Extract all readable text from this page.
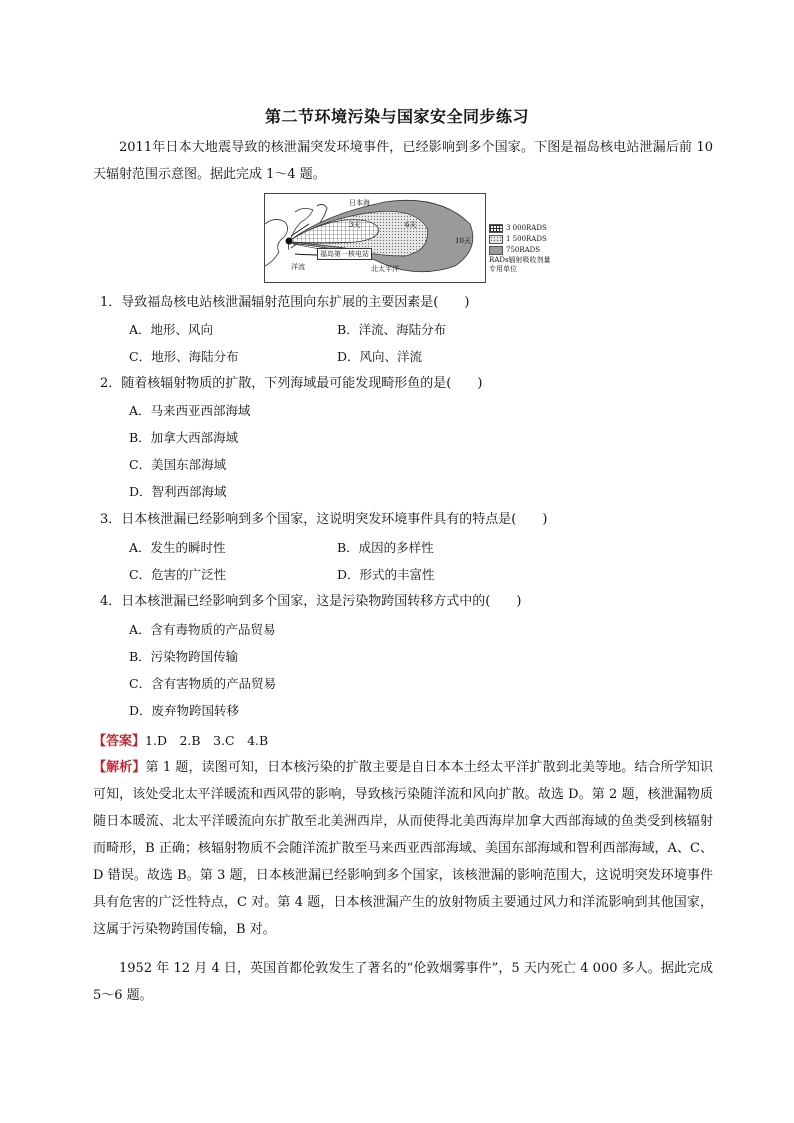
第二节环境污染与国家安全同步练习
2011年日本大地震导致的核泄漏突发环境事件，已经影响到多个国家。下图是福岛核电站泄漏后前 10 天辐射范围示意图。据此完成 1～4 题。
日本海
3天	6天
10天
福岛第一核电站
洋流	北太平洋
3 000RADS
1 500RADS
750RADS
RADs辐射吸收剂量
专用单位
1．导致福岛核电站核泄漏辐射范围向东扩展的主要因素是(　　)
A．地形、风向	B．洋流、海陆分布
C．地形、海陆分布	D．风向、洋流
2．随着核辐射物质的扩散，下列海域最可能发现畸形鱼的是(　　)
A．马来西亚西部海域
B．加拿大西部海域
C．美国东部海域
D．智利西部海域
3．日本核泄漏已经影响到多个国家，这说明突发环境事件具有的特点是(　　)
A．发生的瞬时性	B．成因的多样性
C．危害的广泛性	D．形式的丰富性
4．日本核泄漏已经影响到多个国家，这是污染物跨国转移方式中的(　　)
A．含有毒物质的产品贸易
B．污染物跨国传输
C．含有害物质的产品贸易
D．废弃物跨国转移
【答案】1.D　2.B　3.C　4.B
【解析】第 1 题，读图可知，日本核污染的扩散主要是自日本本土经太平洋扩散到北美等地。结合所学知识可知，该处受北太平洋暖流和西风带的影响，导致核污染随洋流和风向扩散。故选 D。第 2 题，核泄漏物质随日本暖流、北太平洋暖流向东扩散至北美洲西岸，从而使得北美西海岸加拿大西部海域的鱼类受到核辐射而畸形，B 正确；核辐射物质不会随洋流扩散至马来西亚西部海域、美国东部海域和智利西部海域，A、C、D 错误。故选 B。第 3 题，日本核泄漏已经影响到多个国家，该核泄漏的影响范围大，这说明突发环境事件具有危害的广泛性特点，C 对。第 4 题，日本核泄漏产生的放射物质主要通过风力和洋流影响到其他国家，这属于污染物跨国传输，B 对。
1952 年 12 月 4 日，英国首都伦敦发生了著名的“伦敦烟雾事件”，5 天内死亡 4 000 多人。据此完成 5～6 题。
